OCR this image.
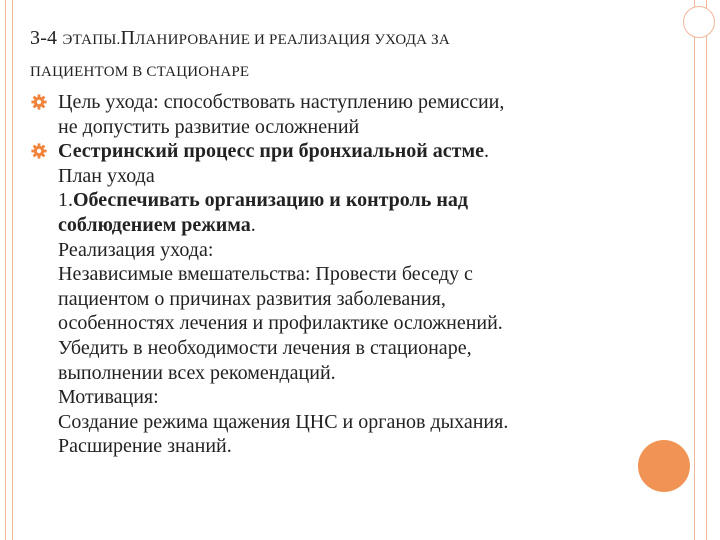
3-4 ЭТАПЫ.ПЛАНИРОВАНИЕ И РЕАЛИЗАЦИЯ УХОДА ЗА
ПАЦИЕНТОМ В СТАЦИОНАРЕ
Цель ухода: способствовать наступлению ремиссии,
не допустить развитие осложнений
Сестринский процесс при бронхиальной астме.
План ухода
1.Обеспечивать организацию и контроль над
соблюдением режима.
Реализация ухода:
Независимые вмешательства: Провести беседу с
пациентом о причинах развития заболевания,
особенностях лечения и профилактике осложнений.
Убедить в необходимости лечения в стационаре,
выполнении всех рекомендаций.
Мотивация:
Создание режима щажения ЦНС и органов дыхания.
Расширение знаний.
